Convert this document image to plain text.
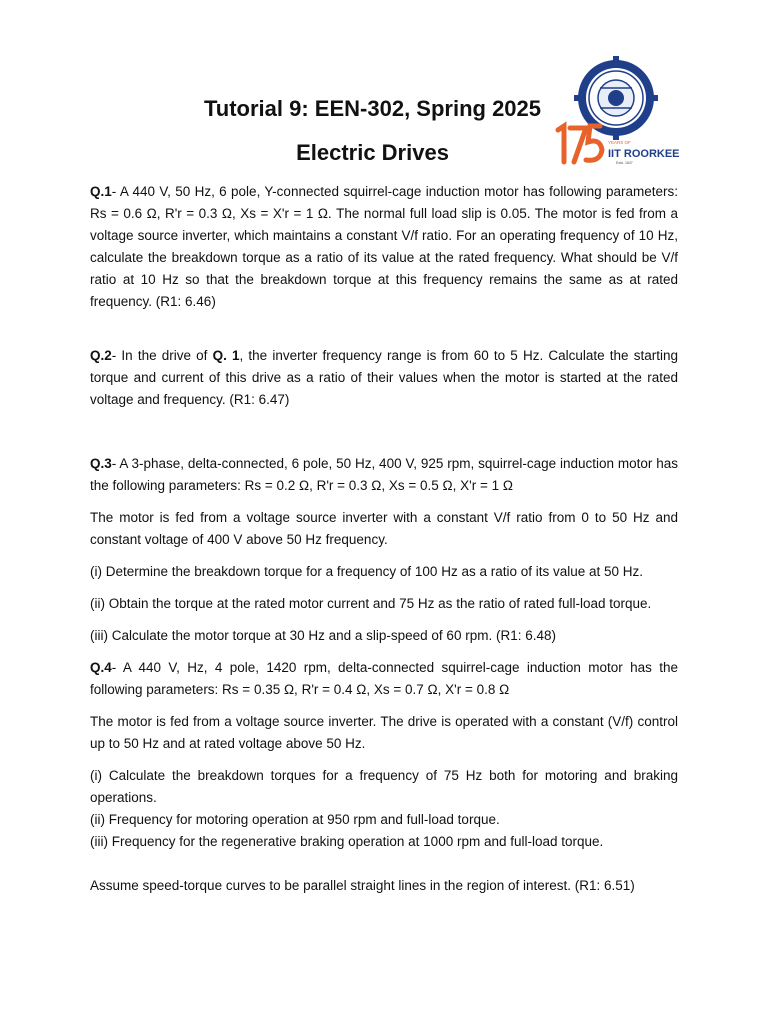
Tutorial 9: EEN-302, Spring 2025
Electric Drives	YEARS OF
IIT ROORKEE
Estd. 1847

Q.1- A 440 V, 50 Hz, 6 pole, Y-connected squirrel-cage induction motor has following parameters: Rs = 0.6 Ω, R'r = 0.3 Ω, Xs = X'r = 1 Ω. The normal full load slip is 0.05. The motor is fed from a voltage source inverter, which maintains a constant V/f ratio. For an operating frequency of 10 Hz, calculate the breakdown torque as a ratio of its value at the rated frequency. What should be V/f ratio at 10 Hz so that the breakdown torque at this frequency remains the same as at rated frequency. (R1: 6.46)

Q.2- In the drive of Q. 1, the inverter frequency range is from 60 to 5 Hz. Calculate the starting torque and current of this drive as a ratio of their values when the motor is started at the rated voltage and frequency. (R1: 6.47)

Q.3- A 3-phase, delta-connected, 6 pole, 50 Hz, 400 V, 925 rpm, squirrel-cage induction motor has the following parameters: Rs = 0.2 Ω, R'r = 0.3 Ω, Xs = 0.5 Ω, X'r = 1 Ω

The motor is fed from a voltage source inverter with a constant V/f ratio from 0 to 50 Hz and constant voltage of 400 V above 50 Hz frequency.

(i) Determine the breakdown torque for a frequency of 100 Hz as a ratio of its value at 50 Hz.

(ii) Obtain the torque at the rated motor current and 75 Hz as the ratio of rated full-load torque.

(iii) Calculate the motor torque at 30 Hz and a slip-speed of 60 rpm. (R1: 6.48)

Q.4- A 440 V, Hz, 4 pole, 1420 rpm, delta-connected squirrel-cage induction motor has the following parameters: Rs = 0.35 Ω, R'r = 0.4 Ω, Xs = 0.7 Ω, X'r = 0.8 Ω

The motor is fed from a voltage source inverter. The drive is operated with a constant (V/f) control up to 50 Hz and at rated voltage above 50 Hz.

(i) Calculate the breakdown torques for a frequency of 75 Hz both for motoring and braking operations.

(ii) Frequency for motoring operation at 950 rpm and full-load torque.

(iii) Frequency for the regenerative braking operation at 1000 rpm and full-load torque.

Assume speed-torque curves to be parallel straight lines in the region of interest. (R1: 6.51)
